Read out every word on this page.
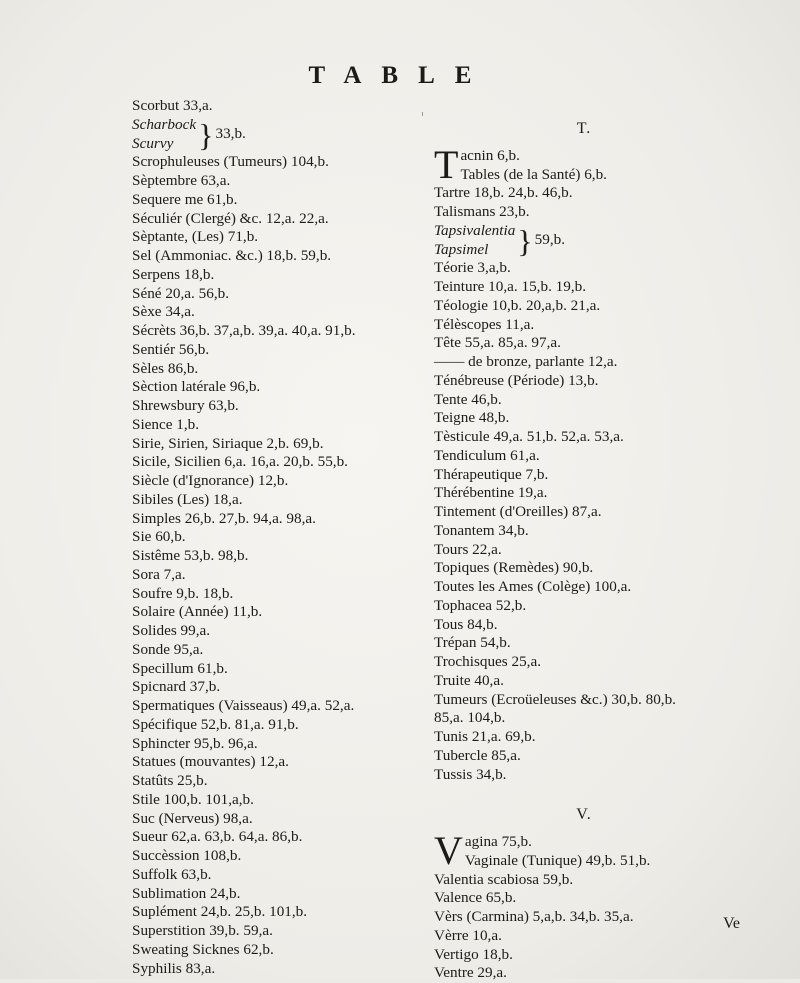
TABLE
Scorbut 33,a.
Scharbock
Scurvy } 33,b.
Scrophuleuses (Tumeurs) 104,b.
Sèptembre 63,a.
Sequere me 61,b.
Séculiér (Clergé) &c. 12,a. 22,a.
Sèptante, (Les) 71,b.
Sel (Ammoniac. &c.) 18,b. 59,b.
Serpens 18,b.
Séné 20,a. 56,b.
Sèxe 34,a.
Sécrèts 36,b. 37,a,b. 39,a. 40,a. 91,b.
Sentiér 56,b.
Sèles 86,b.
Sèction latérale 96,b.
Shrewsbury 63,b.
Sience 1,b.
Sirie, Sirien, Siriaque 2,b. 69,b.
Sicile, Sicilien 6,a. 16,a. 20,b. 55,b.
Siècle (d'Ignorance) 12,b.
Sibiles (Les) 18,a.
Simples 26,b. 27,b. 94,a. 98,a.
Sie 60,b.
Sistême 53,b. 98,b.
Sora 7,a.
Soufre 9,b. 18,b.
Solaire (Année) 11,b.
Solides 99,a.
Sonde 95,a.
Specillum 61,b.
Spicnard 37,b.
Spermatiques (Vaisseaus) 49,a. 52,a.
Spécifique 52,b. 81,a. 91,b.
Sphincter 95,b. 96,a.
Statues (mouvantes) 12,a.
Statûts 25,b.
Stile 100,b. 101,a,b.
Suc (Nerveus) 98,a.
Sueur 62,a. 63,b. 64,a. 86,b.
Succèssion 108,b.
Suffolk 63,b.
Sublimation 24,b.
Suplément 24,b. 25,b. 101,b.
Superstition 39,b. 59,a.
Sweating Sicknes 62,b.
Syphilis 83,a.
T.
T acnin 6,b.
Tables (de la Santé) 6,b.
Tartre 18,b. 24,b. 46,b.
Talismans 23,b.
Tapsivalentia
Tapsimel } 59,b.
Téorie 3,a,b.
Teinture 10,a. 15,b. 19,b.
Téologie 10,b. 20,a,b. 21,a.
Télèscopes 11,a.
Tête 55,a. 85,a. 97,a.
—— de bronze, parlante 12,a.
Ténébreuse (Période) 13,b.
Tente 46,b.
Teigne 48,b.
Tèsticule 49,a. 51,b. 52,a. 53,a.
Tendiculum 61,a.
Thérapeutique 7,b.
Thérébentine 19,a.
Tintement (d'Oreilles) 87,a.
Tonantem 34,b.
Tours 22,a.
Topiques (Remèdes) 90,b.
Toutes les Ames (Colège) 100,a.
Tophacea 52,b.
Tous 84,b.
Trépan 54,b.
Trochisques 25,a.
Truite 40,a.
Tumeurs (Ecroüeleuses &c.) 30,b. 80,b.
85,a. 104,b.
Tunis 21,a. 69,b.
Tubercle 85,a.
Tussis 34,b.
V.
V agina 75,b.
Vaginale (Tunique) 49,b. 51,b.
Valentia scabiosa 59,b.
Valence 65,b.
Vèrs (Carmina) 5,a,b. 34,b. 35,a.
Vèrre 10,a.
Vertigo 18,b.
Ventre 29,a.
Ve
